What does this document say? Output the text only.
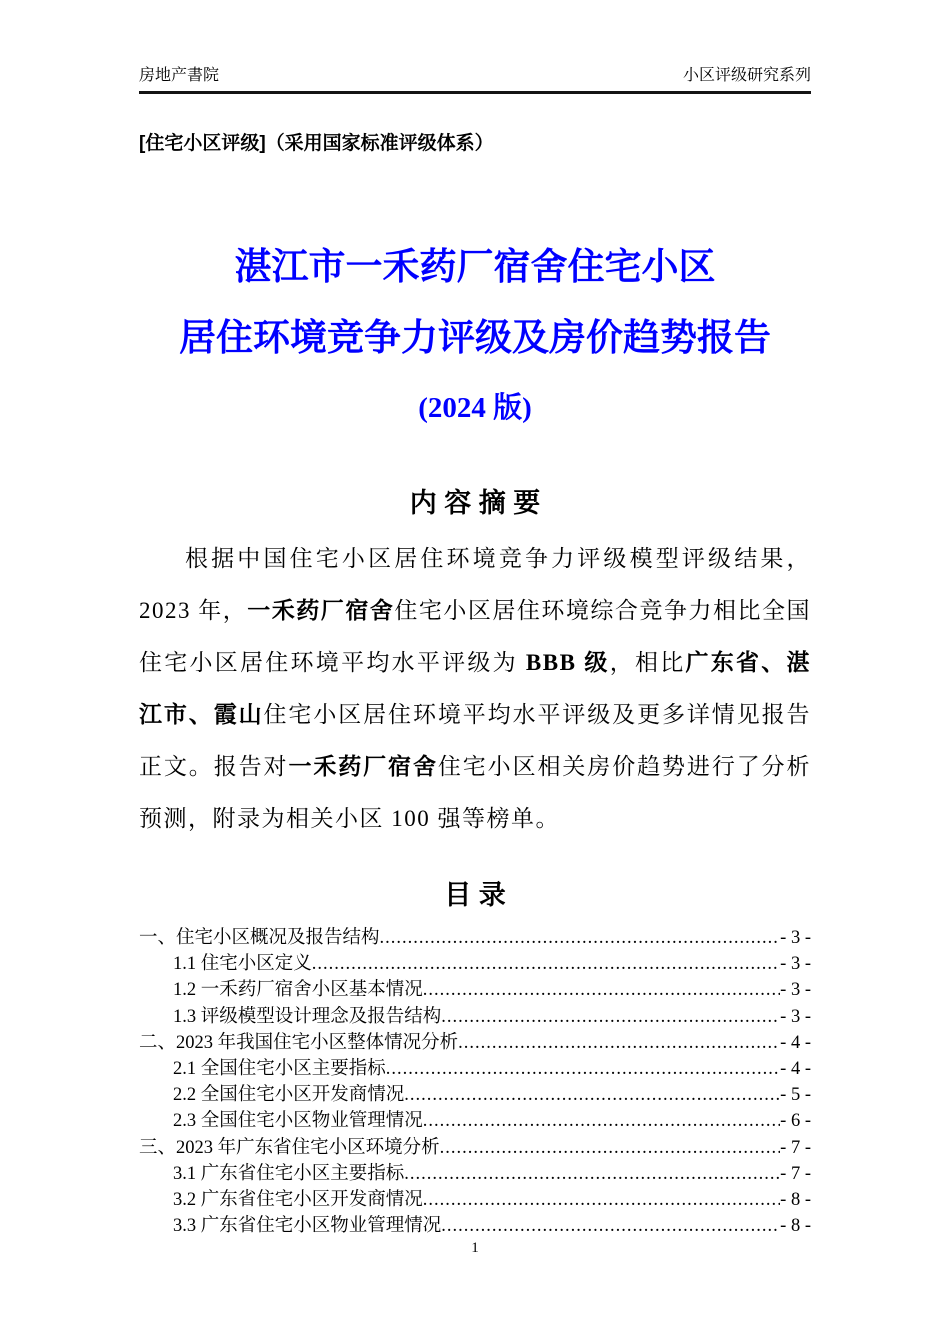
房地产書院	小区评级研究系列
[住宅小区评级]（采用国家标准评级体系）
湛江市一禾药厂宿舍住宅小区
居住环境竞争力评级及房价趋势报告
(2024 版)
内 容 摘 要
根据中国住宅小区居住环境竞争力评级模型评级结果，2023 年，一禾药厂宿舍住宅小区居住环境综合竞争力相比全国住宅小区居住环境平均水平评级为 BBB 级，相比广东省、湛江市、霞山住宅小区居住环境平均水平评级及更多详情见报告正文。报告对一禾药厂宿舍住宅小区相关房价趋势进行了分析预测，附录为相关小区 100 强等榜单。
目 录
一、住宅小区概况及报告结构 .....	- 3 -
1.1 住宅小区定义 .....	- 3 -
1.2 一禾药厂宿舍小区基本情况 .....	- 3 -
1.3 评级模型设计理念及报告结构 .....	- 3 -
二、2023 年我国住宅小区整体情况分析 .....	- 4 -
2.1 全国住宅小区主要指标 .....	- 4 -
2.2 全国住宅小区开发商情况 .....	- 5 -
2.3 全国住宅小区物业管理情况 .....	- 6 -
三、2023 年广东省住宅小区环境分析 .....	- 7 -
3.1 广东省住宅小区主要指标 .....	- 7 -
3.2 广东省住宅小区开发商情况 .....	- 8 -
3.3 广东省住宅小区物业管理情况 .....	- 8 -
1
